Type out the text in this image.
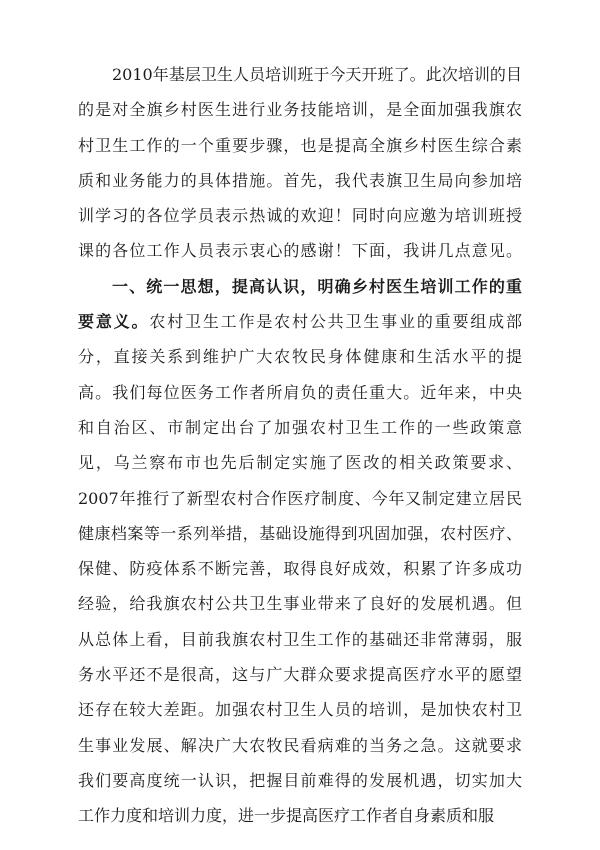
2010年基层卫生人员培训班于今天开班了。此次培训的目
的是对全旗乡村医生进行业务技能培训，是全面加强我旗农
村卫生工作的一个重要步骤，也是提高全旗乡村医生综合素
质和业务能力的具体措施。首先，我代表旗卫生局向参加培
训学习的各位学员表示热诚的欢迎！同时向应邀为培训班授
课的各位工作人员表示衷心的感谢！下面，我讲几点意见。
一、统一思想，提高认识，明确乡村医生培训工作的重
要意义。农村卫生工作是农村公共卫生事业的重要组成部
分，直接关系到维护广大农牧民身体健康和生活水平的提
高。我们每位医务工作者所肩负的责任重大。近年来，中央
和自治区、市制定出台了加强农村卫生工作的一些政策意
见，乌兰察布市也先后制定实施了医改的相关政策要求、
2007年推行了新型农村合作医疗制度、今年又制定建立居民
健康档案等一系列举措，基础设施得到巩固加强，农村医疗、
保健、防疫体系不断完善，取得良好成效，积累了许多成功
经验，给我旗农村公共卫生事业带来了良好的发展机遇。但
从总体上看，目前我旗农村卫生工作的基础还非常薄弱，服
务水平还不是很高，这与广大群众要求提高医疗水平的愿望
还存在较大差距。加强农村卫生人员的培训，是加快农村卫
生事业发展、解决广大农牧民看病难的当务之急。这就要求
我们要高度统一认识，把握目前难得的发展机遇，切实加大
工作力度和培训力度，进一步提高医疗工作者自身素质和服
